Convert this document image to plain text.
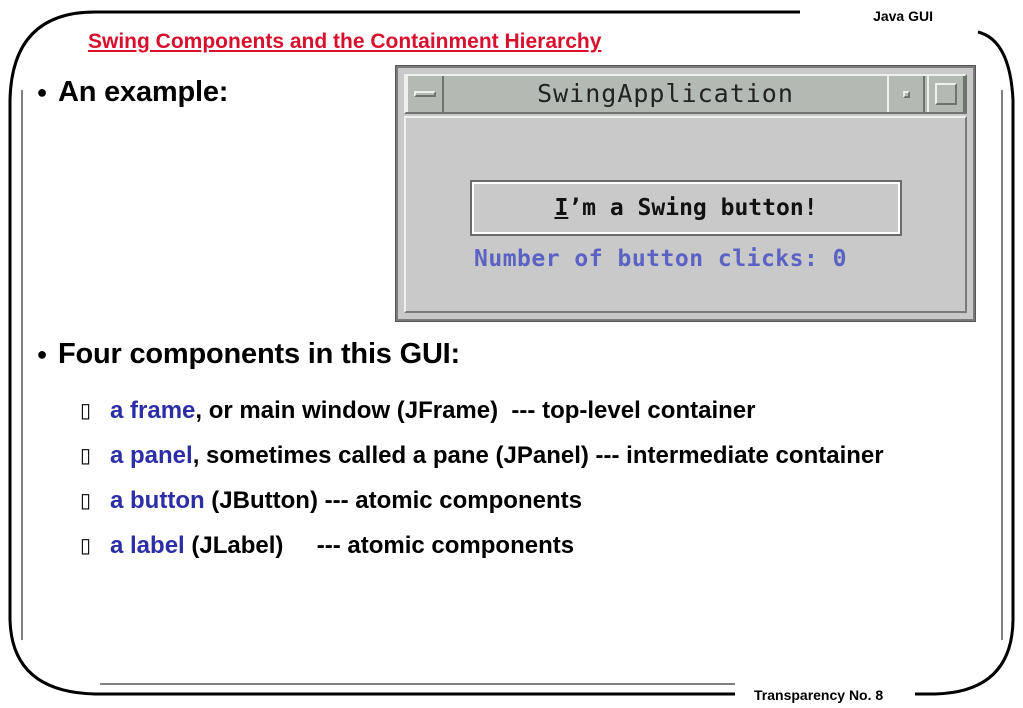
Java GUI
Swing Components and the Containment Hierarchy
● An example:	SwingApplication
I ’m a Swing button!
Number of button clicks: 0
● Four components in this GUI:
▯ a frame , or main window (JFrame)  --- top-level container
▯ a panel , sometimes called a pane (JPanel) --- intermediate container
▯ a button (JButton) --- atomic components
▯ a label (JLabel)     --- atomic components
Transparency No. 8
